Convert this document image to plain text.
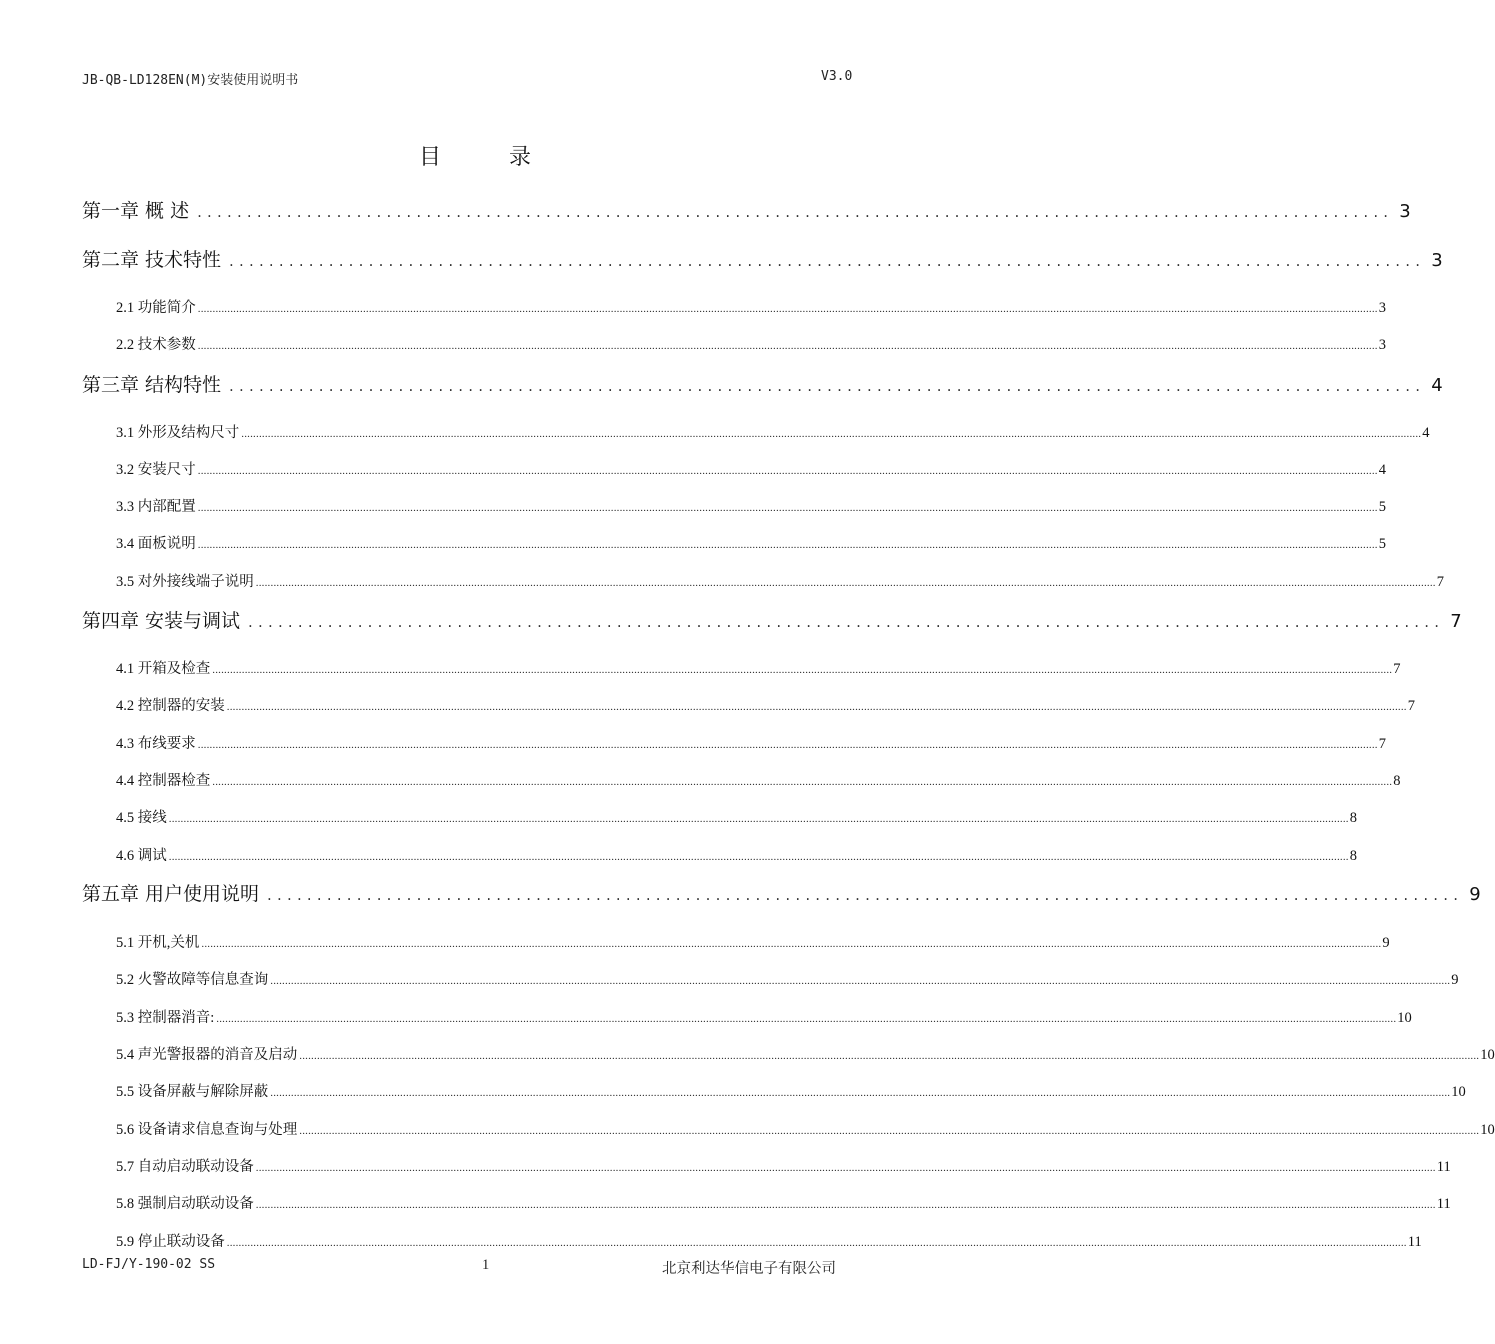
JB-QB-LD128EN(M)安装使用说明书	V3.0
目录
第一章 概 述 ........................................................................................................................ 3
第二章 技术特性 ........................................................................................................................ 3
2.1 功能简介 ................................................................................................................................................................................................................................................................................................................................................................................................................ 3
2.2 技术参数 ................................................................................................................................................................................................................................................................................................................................................................................................................ 3
第三章 结构特性 ........................................................................................................................ 4
3.1 外形及结构尺寸 ................................................................................................................................................................................................................................................................................................................................................................................................................ 4
3.2 安装尺寸 ................................................................................................................................................................................................................................................................................................................................................................................................................ 4
3.3 内部配置 ................................................................................................................................................................................................................................................................................................................................................................................................................ 5
3.4 面板说明 ................................................................................................................................................................................................................................................................................................................................................................................................................ 5
3.5 对外接线端子说明 ................................................................................................................................................................................................................................................................................................................................................................................................................ 7
第四章 安装与调试 ........................................................................................................................ 7
4.1 开箱及检查 ................................................................................................................................................................................................................................................................................................................................................................................................................ 7
4.2 控制器的安装 ................................................................................................................................................................................................................................................................................................................................................................................................................ 7
4.3 布线要求 ................................................................................................................................................................................................................................................................................................................................................................................................................ 7
4.4 控制器检查 ................................................................................................................................................................................................................................................................................................................................................................................................................ 8
4.5 接线 ................................................................................................................................................................................................................................................................................................................................................................................................................ 8
4.6 调试 ................................................................................................................................................................................................................................................................................................................................................................................................................ 8
第五章 用户使用说明 ........................................................................................................................ 9
5.1 开机,关机 ................................................................................................................................................................................................................................................................................................................................................................................................................ 9
5.2 火警故障等信息查询 ................................................................................................................................................................................................................................................................................................................................................................................................................ 9
5.3 控制器消音: ................................................................................................................................................................................................................................................................................................................................................................................................................ 10
5.4 声光警报器的消音及启动 ................................................................................................................................................................................................................................................................................................................................................................................................................ 10
5.5 设备屏蔽与解除屏蔽 ................................................................................................................................................................................................................................................................................................................................................................................................................ 10
5.6 设备请求信息查询与处理 ................................................................................................................................................................................................................................................................................................................................................................................................................ 10
5.7 自动启动联动设备 ................................................................................................................................................................................................................................................................................................................................................................................................................ 11
5.8 强制启动联动设备 ................................................................................................................................................................................................................................................................................................................................................................................................................ 11
5.9 停止联动设备 ................................................................................................................................................................................................................................................................................................................................................................................................................ 11
LD-FJ/Y-190-02 SS	1	北京利达华信电子有限公司
